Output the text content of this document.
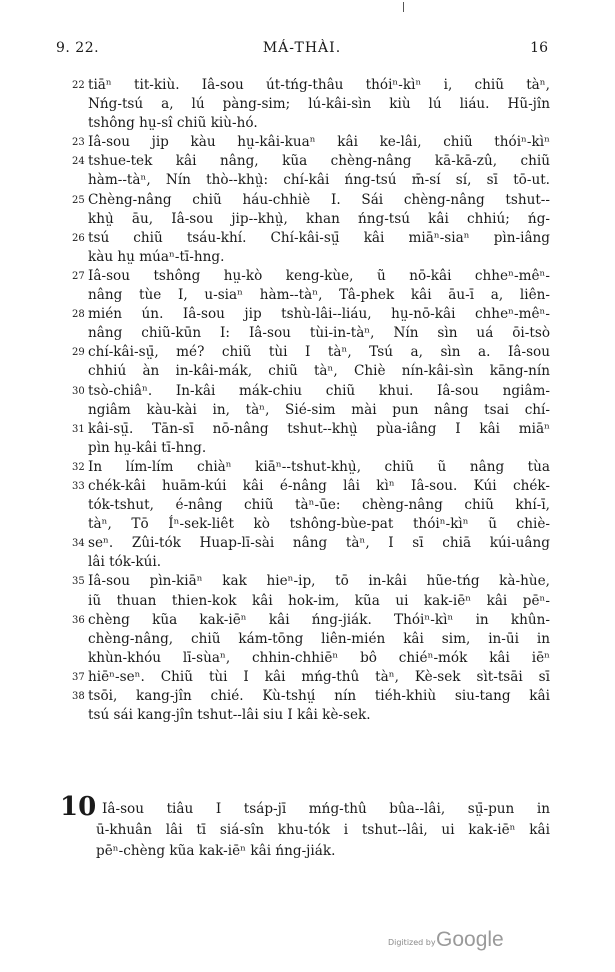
9. 22.	MÁ-THÀI.	16
22 tiāⁿ tit-kiù. Iâ-sou út-tńg-thâu thóiⁿ-kìⁿ i, chiũ tàⁿ,
Nńg-tsú a, lú pàng-sim; lú-kâi-sìn kiù lú liáu. Hũ-jîn
tshông hṳ-sî chiũ kiù-hó.
23 Iâ-sou jip kàu hṳ-kâi-kuaⁿ kâi ke-lâi, chiũ thóiⁿ-kìⁿ
24 tshue-tek kâi nâng, kũa chèng-nâng kā-kā-zû, chiũ
hàm--tàⁿ, Nín thò--khṳ̀: chí-kâi ńng-tsú m̄-sí sí, sī tō-ut.
25 Chèng-nâng chiũ háu-chhiè I. Sái chèng-nâng tshut--
khṳ̀ āu, Iâ-sou jip--khṳ̀, khan ńng-tsú kâi chhiú; ńg-
26 tsú chiũ tsáu-khí. Chí-kâi-sṳ̄ kâi miāⁿ-siaⁿ pìn-iâng
kàu hṳ múaⁿ-tī-hng.
27 Iâ-sou tshông hṳ-kò keng-kùe, ũ nō-kâi chheⁿ-mêⁿ-
nâng tùe I, u-siaⁿ hàm--tàⁿ, Tâ-phek kâi āu-ī a, liên-
28 mién ún. Iâ-sou jip tshù-lâi--liáu, hṳ-nō-kâi chheⁿ-mêⁿ-
nâng chiũ-kūn I: Iâ-sou tùi-in-tàⁿ, Nín sìn uá ōi-tsò
29 chí-kâi-sṳ̄, mé? chiũ tùi I tàⁿ, Tsú a, sìn a. Iâ-sou
chhiú àn in-kâi-mák, chiũ tàⁿ, Chiè nín-kâi-sìn kāng-nín
30 tsò-chiâⁿ. In-kâi mák-chiu chiũ khui. Iâ-sou ngiâm-
ngiâm kàu-kài in, tàⁿ, Sié-sim mài pun nâng tsai chí-
31 kâi-sṳ̄. Tān-sī nō-nâng tshut--khṳ̀ pùa-iâng I kâi miāⁿ
pìn hṳ-kâi tī-hng.
32 In lím-lím chiàⁿ kiāⁿ--tshut-khṳ̀, chiũ ũ nâng tùa
33 chék-kâi huām-kúi kâi é-nâng lâi kìⁿ Iâ-sou. Kúi chék-
tók-tshut, é-nâng chiũ tàⁿ-ūe: chèng-nâng chiũ khí-ī,
tàⁿ, Tō Íⁿ-sek-liêt kò tshông-bùe-pat thóiⁿ-kìⁿ ũ chiè-
34 seⁿ. Zûi-tók Huap-lī-sài nâng tàⁿ, I sī chiā kúi-uâng
lâi tók-kúi.
35 Iâ-sou pìn-kiāⁿ kak hieⁿ-ip, tō in-kâi hũe-tńg kà-hùe,
iũ thuan thien-kok kâi hok-im, kũa ui kak-iēⁿ kâi pēⁿ-
36 chèng kũa kak-iēⁿ kâi ńng-jiák. Thóiⁿ-kìⁿ in khûn-
chèng-nâng, chiũ kám-tōng liên-mién kâi sim, in-ūi in
khùn-khóu lī-sùaⁿ, chhin-chhiēⁿ bô chiéⁿ-mók kâi iēⁿ
37 hiēⁿ-seⁿ. Chiũ tùi I kâi mńg-thû tàⁿ, Kè-sek sìt-tsāi sī
38 tsōi, kang-jîn chié. Kù-tshṳ́ nín tiéh-khiù siu-tang kâi
tsú sái kang-jîn tshut--lâi siu I kâi kè-sek.
10 Iâ-sou tiâu I tsáp-jī mńg-thû bûa--lâi, sṳ̄-pun in
ū-khuân lâi tī siá-sîn khu-tók i tshut--lâi, ui kak-iēⁿ kâi
pēⁿ-chèng kũa kak-iēⁿ kâi ńng-jiák.
Digitized by Google
